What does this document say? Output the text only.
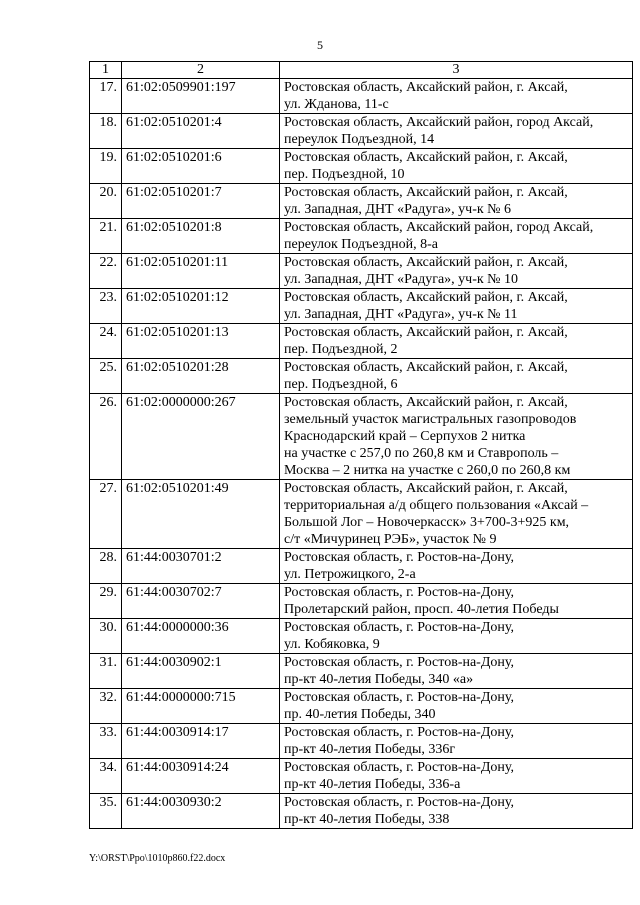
5
1	2	3
17.	61:02:0509901:197	Ростовская область, Аксайский район, г. Аксай,
ул. Жданова, 11-с
18.	61:02:0510201:4	Ростовская область, Аксайский район, город Аксай,
переулок Подъездной, 14
19.	61:02:0510201:6	Ростовская область, Аксайский район, г. Аксай,
пер. Подъездной, 10
20.	61:02:0510201:7	Ростовская область, Аксайский район, г. Аксай,
ул. Западная, ДНТ «Радуга», уч-к № 6
21.	61:02:0510201:8	Ростовская область, Аксайский район, город Аксай,
переулок Подъездной, 8-а
22.	61:02:0510201:11	Ростовская область, Аксайский район, г. Аксай,
ул. Западная, ДНТ «Радуга», уч-к № 10
23.	61:02:0510201:12	Ростовская область, Аксайский район, г. Аксай,
ул. Западная, ДНТ «Радуга», уч-к № 11
24.	61:02:0510201:13	Ростовская область, Аксайский район, г. Аксай,
пер. Подъездной, 2
25.	61:02:0510201:28	Ростовская область, Аксайский район, г. Аксай,
пер. Подъездной, 6
26.	61:02:0000000:267	Ростовская область, Аксайский район, г. Аксай,
земельный участок магистральных газопроводов
Краснодарский край – Серпухов 2 нитка
на участке с 257,0 по 260,8 км и Ставрополь –
Москва – 2 нитка на участке с 260,0 по 260,8 км
27.	61:02:0510201:49	Ростовская область, Аксайский район, г. Аксай,
территориальная а/д общего пользования «Аксай –
Большой Лог – Новочеркасск» 3+700-3+925 км,
с/т «Мичуринец РЭБ», участок № 9
28.	61:44:0030701:2	Ростовская область, г. Ростов-на-Дону,
ул. Петрожицкого, 2-а
29.	61:44:0030702:7	Ростовская область, г. Ростов-на-Дону,
Пролетарский район, просп. 40-летия Победы
30.	61:44:0000000:36	Ростовская область, г. Ростов-на-Дону,
ул. Кобяковка, 9
31.	61:44:0030902:1	Ростовская область, г. Ростов-на-Дону,
пр-кт 40-летия Победы, 340 «а»
32.	61:44:0000000:715	Ростовская область, г. Ростов-на-Дону,
пр. 40-летия Победы, 340
33.	61:44:0030914:17	Ростовская область, г. Ростов-на-Дону,
пр-кт 40-летия Победы, 336г
34.	61:44:0030914:24	Ростовская область, г. Ростов-на-Дону,
пр-кт 40-летия Победы, 336-а
35.	61:44:0030930:2	Ростовская область, г. Ростов-на-Дону,
пр-кт 40-летия Победы, 338
Y:\ORST\Ppo\1010p860.f22.docx
